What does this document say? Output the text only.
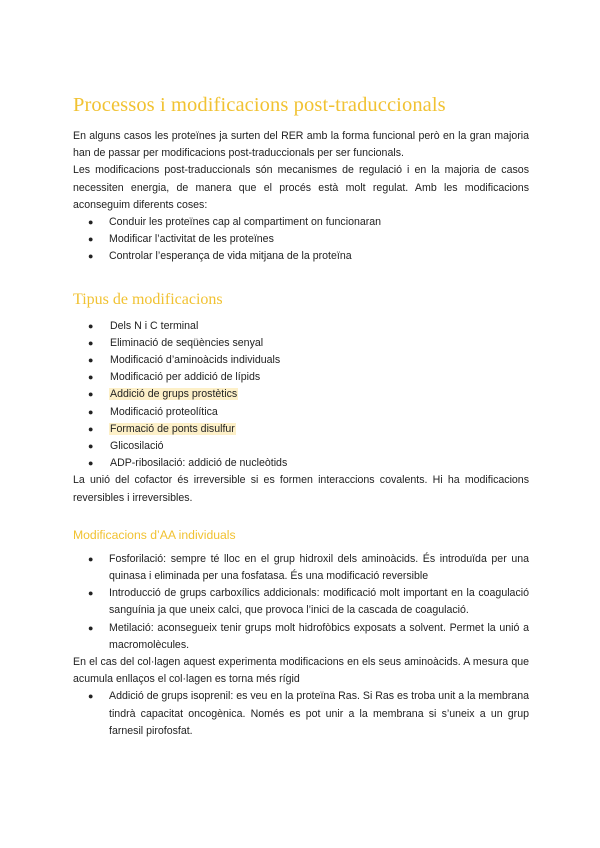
Processos i modificacions post-traduccionals

En alguns casos les proteïnes ja surten del RER amb la forma funcional però en la gran majoria han de passar per modificacions post-traduccionals per ser funcionals.

Les modificacions post-traduccionals són mecanismes de regulació i en la majoria de casos necessiten energia, de manera que el procés està molt regulat. Amb les modificacions aconseguim diferents coses:

● Conduir les proteïnes cap al compartiment on funcionaran
● Modificar l’activitat de les proteïnes
● Controlar l’esperança de vida mitjana de la proteïna
Tipus de modificacions
● Dels N i C terminal
● Eliminació de seqüències senyal
● Modificació d’aminoàcids individuals
● Modificació per addició de lípids
● Addició de grups prostètics
● Modificació proteolítica
● Formació de ponts disulfur
● Glicosilació
● ADP-ribosilació: addició de nucleòtids

La unió del cofactor és irreversible si es formen interaccions covalents. Hi ha modificacions reversibles i irreversibles.

Modificacions d’AA individuals
● Fosforilació: sempre té lloc en el grup hidroxil dels aminoàcids. És introduïda per una quinasa i eliminada per una fosfatasa. És una modificació reversible
● Introducció de grups carboxílics addicionals: modificació molt important en la coagulació sanguínia ja que uneix calci, que provoca l’inici de la cascada de coagulació.
● Metilació: aconsegueix tenir grups molt hidrofòbics exposats a solvent. Permet la unió a macromolècules.

En el cas del col·lagen aquest experimenta modificacions en els seus aminoàcids. A mesura que acumula enllaços el col·lagen es torna més rígid

● Addició de grups isoprenil: es veu en la proteïna Ras. Si Ras es troba unit a la membrana tindrà capacitat oncogènica. Només es pot unir a la membrana si s’uneix a un grup farnesil pirofosfat.
